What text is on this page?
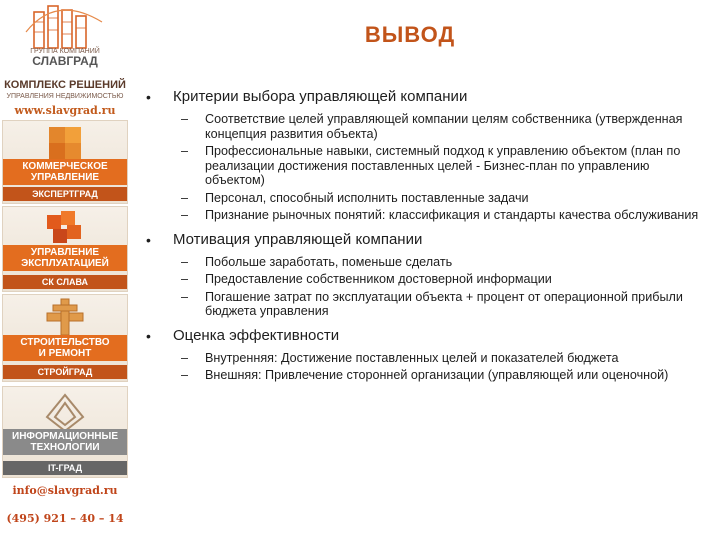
ГРУППА КОМПАНИЙ
СЛАВГРАД
КОМПЛЕКС РЕШЕНИЙ
УПРАВЛЕНИЯ НЕДВИЖИМОСТЬЮ
www.slavgrad.ru
КОММЕРЧЕСКОЕ
УПРАВЛЕНИЕ
ЭКСПЕРТГРАД
УПРАВЛЕНИЕ
ЭКСПЛУАТАЦИЕЙ
СК СЛАВА
СТРОИТЕЛЬСТВО
И РЕМОНТ
СТРОЙГРАД
ИНФОРМАЦИОННЫЕ
ТЕХНОЛОГИИ
IT-ГРАД
info@slavgrad.ru
(495) 921 – 40 – 14
ВЫВОД
• Критерии выбора управляющей компании
– Соответствие целей управляющей компании целям собственника (утвержденная концепция развития объекта)
– Профессиональные навыки, системный подход к управлению объектом (план по реализации достижения поставленных целей - Бизнес-план по управлению объектом)
– Персонал, способный исполнить поставленные задачи
– Признание рыночных понятий: классификация и стандарты качества обслуживания
• Мотивация управляющей компании
– Побольше заработать, поменьше сделать
– Предоставление собственником достоверной информации
– Погашение затрат по эксплуатации объекта + процент от операционной прибыли бюджета управления
• Оценка эффективности
– Внутренняя: Достижение поставленных целей и показателей бюджета
– Внешняя: Привлечение сторонней организации (управляющей или оценочной)
